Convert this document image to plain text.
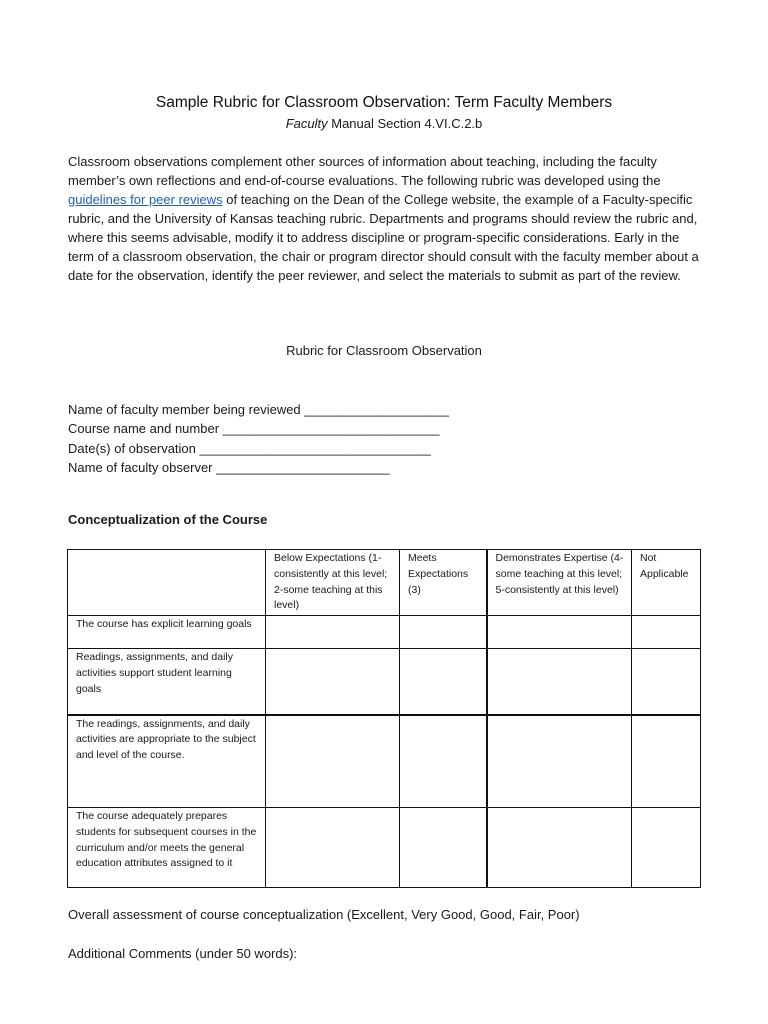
Sample Rubric for Classroom Observation: Term Faculty Members
Faculty Manual Section 4.VI.C.2.b
Classroom observations complement other sources of information about teaching, including the faculty member’s own reflections and end-of-course evaluations. The following rubric was developed using the guidelines for peer reviews of teaching on the Dean of the College website, the example of a Faculty-specific rubric, and the University of Kansas teaching rubric. Departments and programs should review the rubric and, where this seems advisable, modify it to address discipline or program-specific considerations. Early in the term of a classroom observation, the chair or program director should consult with the faculty member about a date for the observation, identify the peer reviewer, and select the materials to submit as part of the review.
Rubric for Classroom Observation
Name of faculty member being reviewed ____________________
Course name and number ______________________________
Date(s) of observation ________________________________
Name of faculty observer ________________________
Conceptualization of the Course
	Below Expectations (1-consistently at this level; 2-some teaching at this level)	Meets Expectations (3)	Demonstrates Expertise (4-some teaching at this level; 5-consistently at this level)	Not Applicable
The course has explicit learning goals				
Readings, assignments, and daily activities support student learning goals				
The readings, assignments, and daily activities are appropriate to the subject and level of the course.				
The course adequately prepares students for subsequent courses in the curriculum and/or meets the general education attributes assigned to it				
Overall assessment of course conceptualization (Excellent, Very Good, Good, Fair, Poor)
Additional Comments (under 50 words):
